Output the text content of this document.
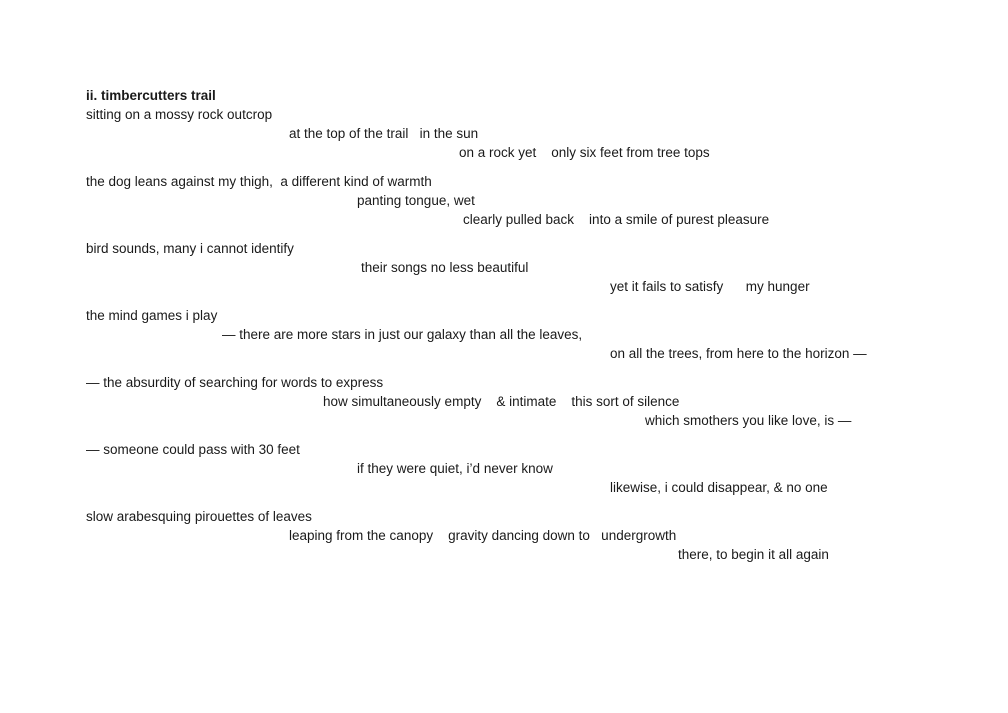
ii. timbercutters trail
sitting on a mossy rock outcrop
at the top of the trail   in the sun
on a rock yet    only six feet from tree tops
the dog leans against my thigh,  a different kind of warmth
panting tongue, wet
clearly pulled back    into a smile of purest pleasure
bird sounds, many i cannot identify
their songs no less beautiful
yet it fails to satisfy      my hunger
the mind games i play
— there are more stars in just our galaxy than all the leaves,
on all the trees, from here to the horizon —
— the absurdity of searching for words to express
how simultaneously empty    & intimate    this sort of silence
which smothers you like love, is —
— someone could pass with 30 feet
if they were quiet, i’d never know
likewise, i could disappear, & no one
slow arabesquing pirouettes of leaves
leaping from the canopy    gravity dancing down to   undergrowth
there, to begin it all again
